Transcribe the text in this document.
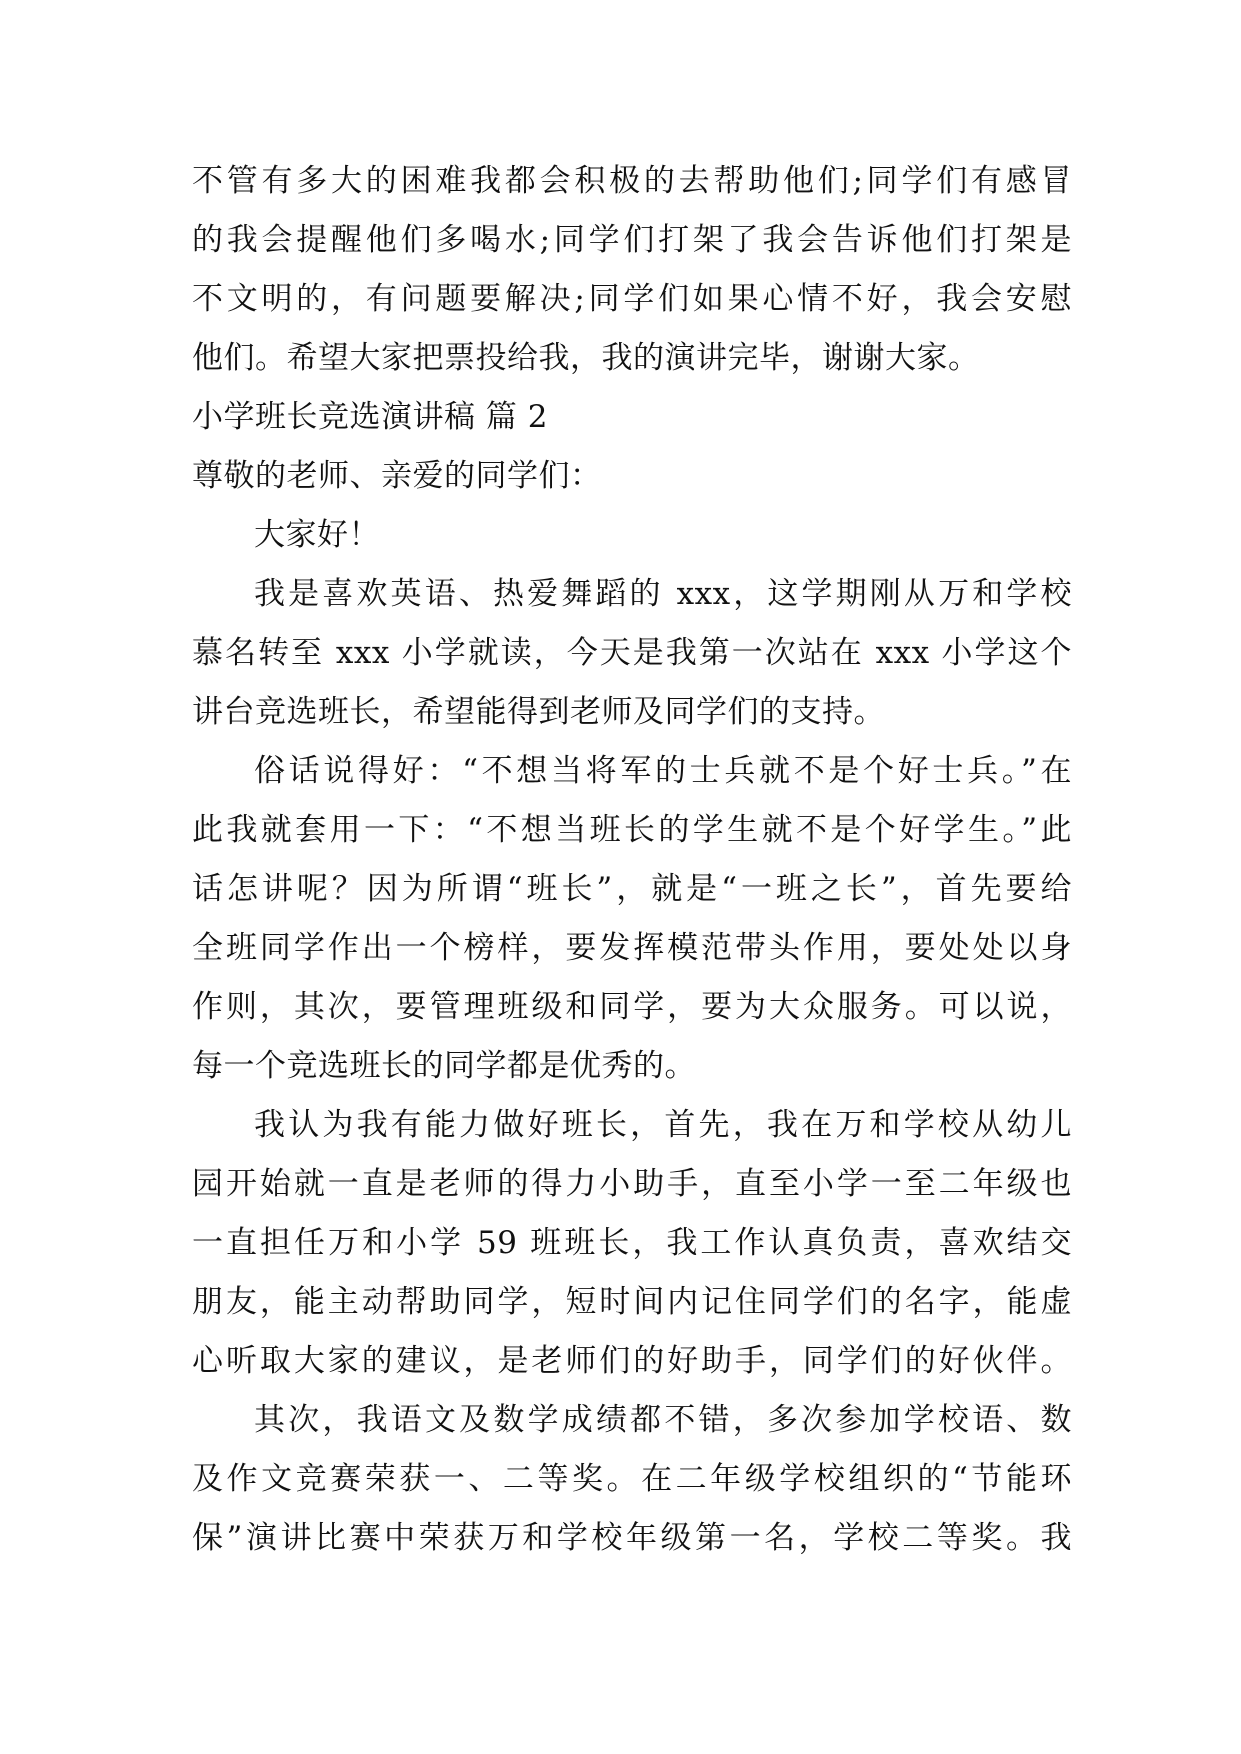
不管有多大的困难我都会积极的去帮助他们;同学们有感冒
的我会提醒他们多喝水;同学们打架了我会告诉他们打架是
不文明的，有问题要解决;同学们如果心情不好，我会安慰
他们。希望大家把票投给我，我的演讲完毕，谢谢大家。
小学班长竞选演讲稿 篇 2
尊敬的老师、亲爱的同学们：
大家好！
我是喜欢英语、热爱舞蹈的 xxx，这学期刚从万和学校
慕名转至 xxx 小学就读，今天是我第一次站在 xxx 小学这个
讲台竞选班长，希望能得到老师及同学们的支持。
俗话说得好：“不想当将军的士兵就不是个好士兵。”在
此我就套用一下：“不想当班长的学生就不是个好学生。”此
话怎讲呢？因为所谓“班长”，就是“一班之长”，首先要给
全班同学作出一个榜样，要发挥模范带头作用，要处处以身
作则，其次，要管理班级和同学，要为大众服务。可以说，
每一个竞选班长的同学都是优秀的。
我认为我有能力做好班长，首先，我在万和学校从幼儿
园开始就一直是老师的得力小助手，直至小学一至二年级也
一直担任万和小学 59 班班长，我工作认真负责，喜欢结交
朋友，能主动帮助同学，短时间内记住同学们的名字，能虚
心听取大家的建议，是老师们的好助手，同学们的好伙伴。
其次，我语文及数学成绩都不错，多次参加学校语、数
及作文竞赛荣获一、二等奖。在二年级学校组织的“节能环
保”演讲比赛中荣获万和学校年级第一名，学校二等奖。我
